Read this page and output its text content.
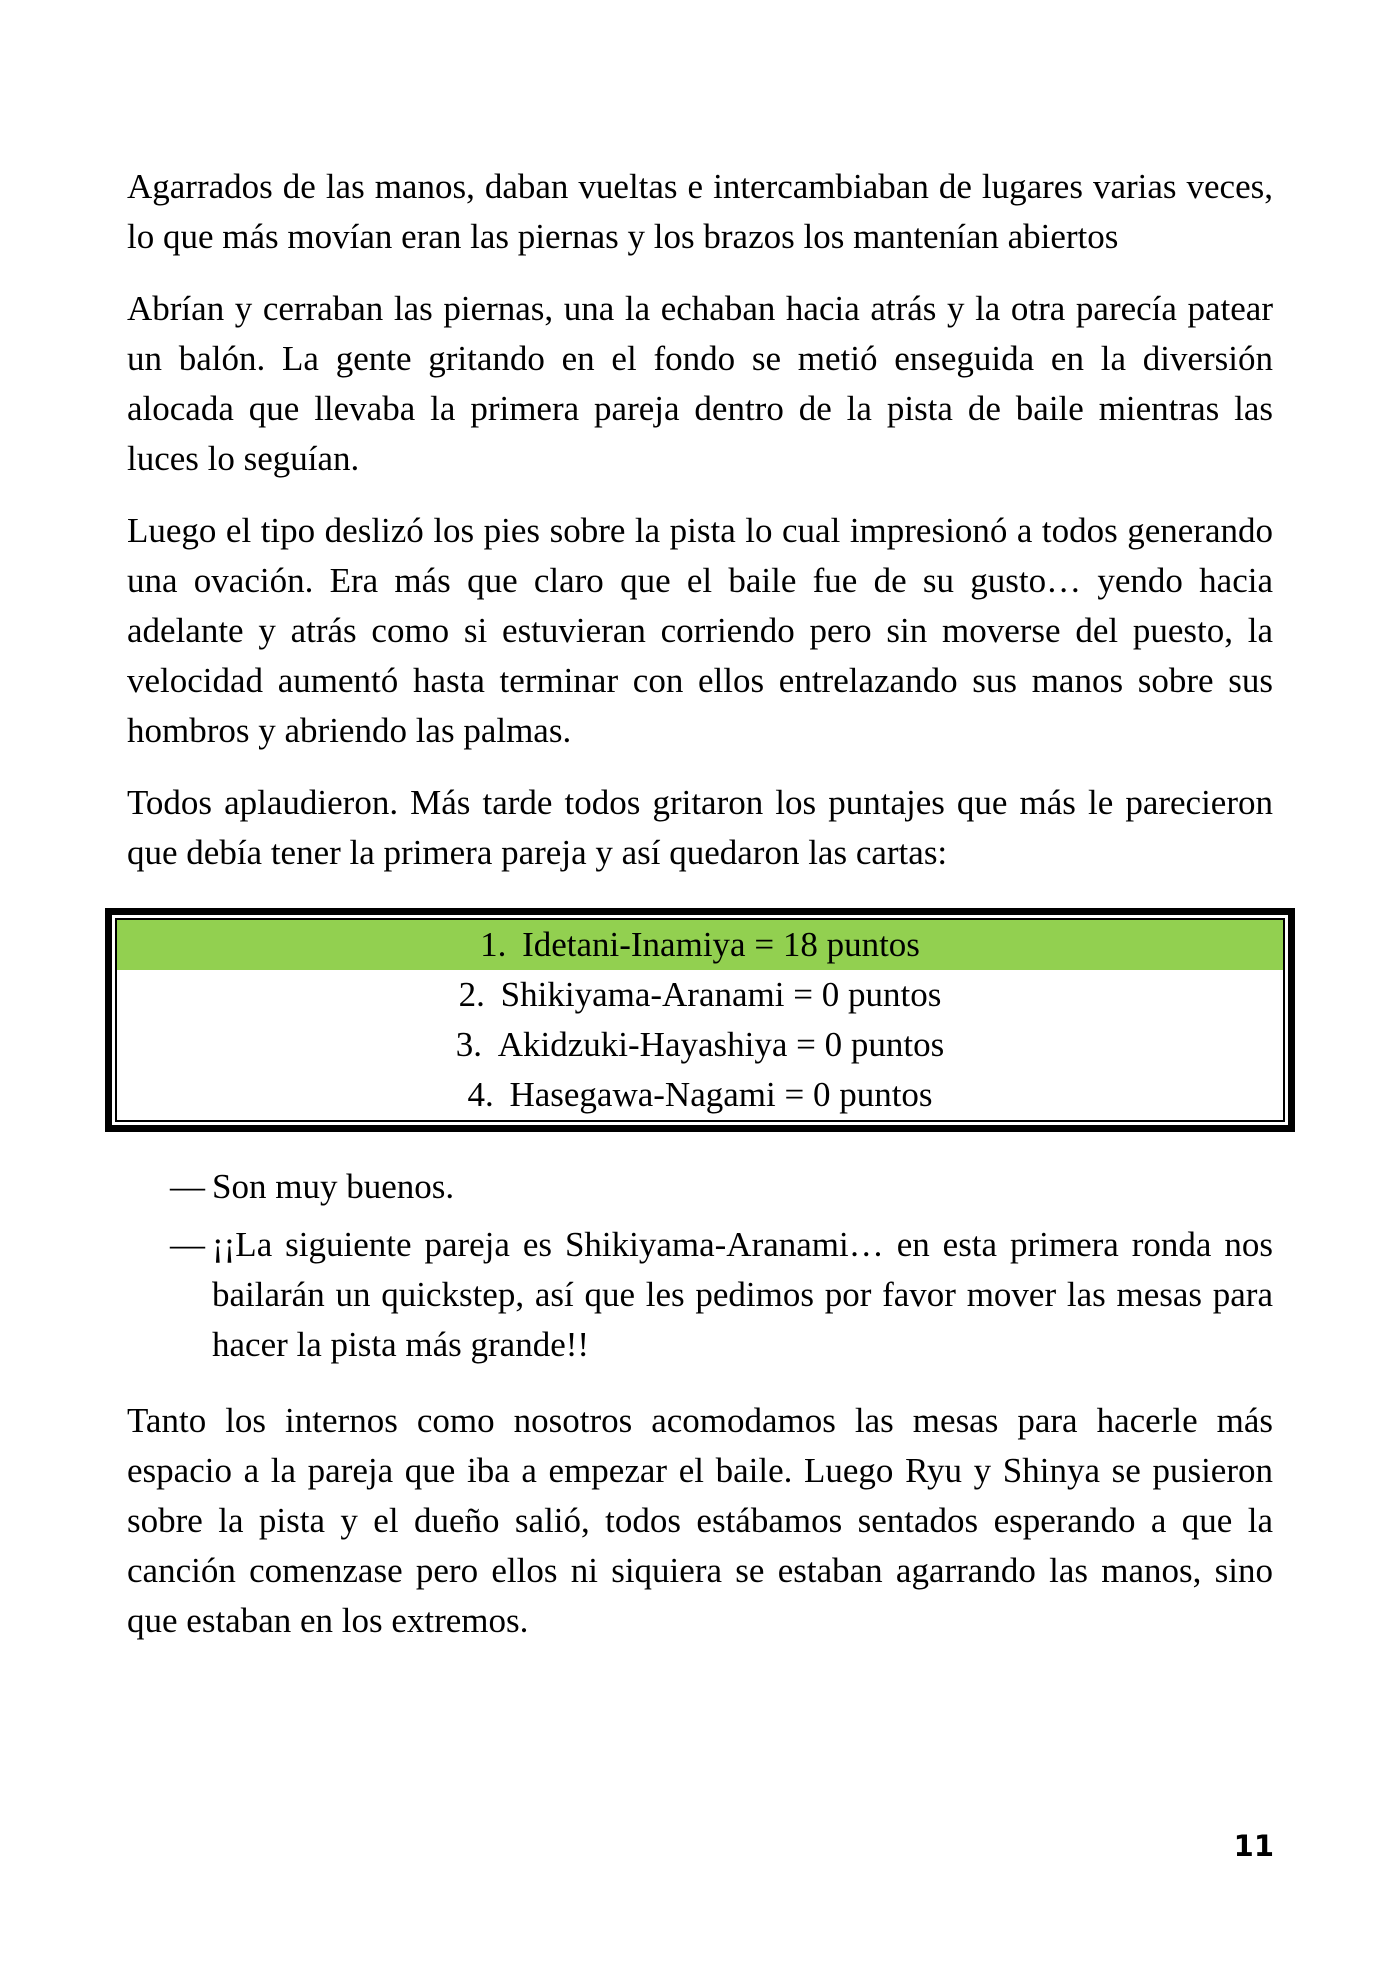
Agarrados de las manos, daban vueltas e intercambiaban de lugares varias veces, lo que más movían eran las piernas y los brazos los mantenían abiertos

Abrían y cerraban las piernas, una la echaban hacia atrás y la otra parecía patear un balón. La gente gritando en el fondo se metió enseguida en la diversión alocada que llevaba la primera pareja dentro de la pista de baile mientras las luces lo seguían.

Luego el tipo deslizó los pies sobre la pista lo cual impresionó a todos generando una ovación. Era más que claro que el baile fue de su gusto… yendo hacia adelante y atrás como si estuvieran corriendo pero sin moverse del puesto, la velocidad aumentó hasta terminar con ellos entrelazando sus manos sobre sus hombros y abriendo las palmas.

Todos aplaudieron. Más tarde todos gritaron los puntajes que más le parecieron que debía tener la primera pareja y así quedaron las cartas:

1. Idetani-Inamiya = 18 puntos
2. Shikiyama-Aranami = 0 puntos
3. Akidzuki-Hayashiya = 0 puntos
4. Hasegawa-Nagami = 0 puntos
— Son muy buenos.
— ¡¡La siguiente pareja es Shikiyama-Aranami… en esta primera ronda nos bailarán un quickstep, así que les pedimos por favor mover las mesas para hacer la pista más grande!!

Tanto los internos como nosotros acomodamos las mesas para hacerle más espacio a la pareja que iba a empezar el baile. Luego Ryu y Shinya se pusieron sobre la pista y el dueño salió, todos estábamos sentados esperando a que la canción comenzase pero ellos ni siquiera se estaban agarrando las manos, sino que estaban en los extremos.

11
